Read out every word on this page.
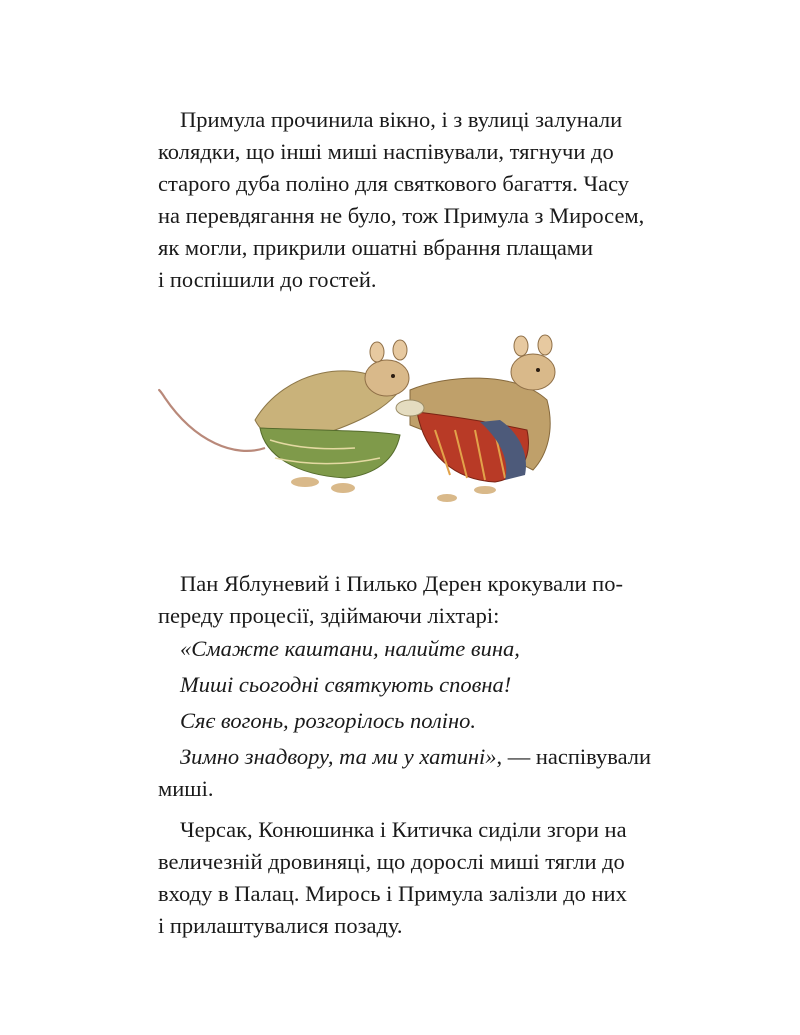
Примула прочинила вікно, і з вулиці залунали
колядки, що інші миші наспівували, тягнучи до
старого дуба поліно для святкового багаття. Часу
на перевдягання не було, тож Примула з Миросем,
як могли, прикрили ошатні вбрання плащами
і поспішили до гостей.

Пан Яблуневий і Пилько Дерен крокували по-
переду процесії, здіймаючи ліхтарі:

«Смажте каштани, налийте вина,
Миші сьогодні святкують сповна!
Сяє вогонь, розгорілось поліно.
Зимно знадвору, та ми у хатині», — наспівували
миші.

Черсак, Конюшинка і Китичка сиділи згори на
величезній дровиняці, що дорослі миші тягли до
входу в Палац. Мирось і Примула залізли до них
і прилаштувалися позаду.
